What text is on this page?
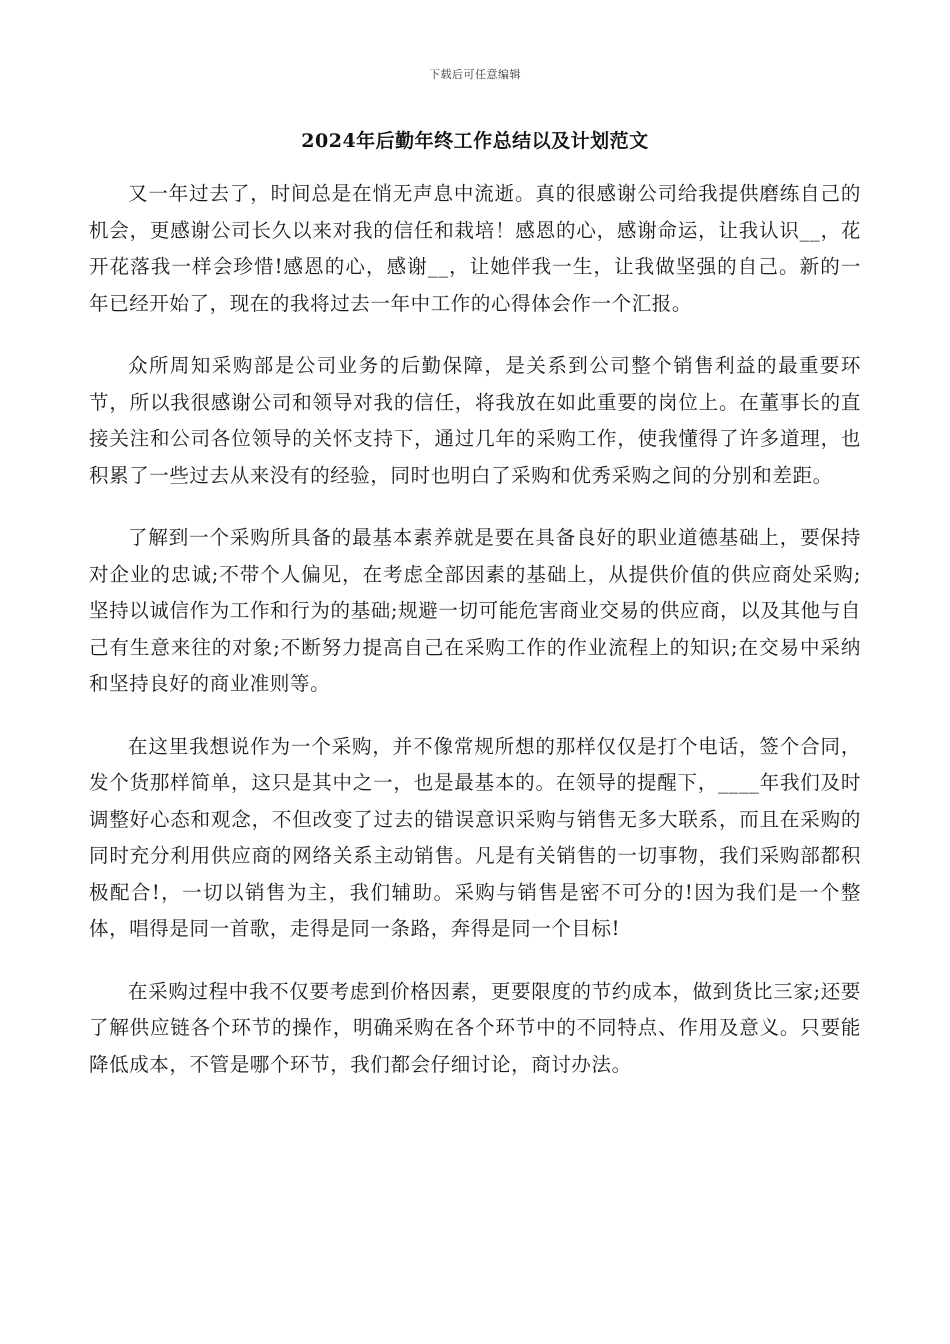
下载后可任意编辑
2024年后勤年终工作总结以及计划范文

又一年过去了，时间总是在悄无声息中流逝。真的很感谢公司给我提供磨练自己的机会，更感谢公司长久以来对我的信任和栽培！感恩的心，感谢命运，让我认识__，花开花落我一样会珍惜!感恩的心，感谢__，让她伴我一生，让我做坚强的自己。新的一年已经开始了，现在的我将过去一年中工作的心得体会作一个汇报。

众所周知采购部是公司业务的后勤保障，是关系到公司整个销售利益的最重要环节，所以我很感谢公司和领导对我的信任，将我放在如此重要的岗位上。在董事长的直接关注和公司各位领导的关怀支持下，通过几年的采购工作，使我懂得了许多道理，也积累了一些过去从来没有的经验，同时也明白了采购和优秀采购之间的分别和差距。

了解到一个采购所具备的最基本素养就是要在具备良好的职业道德基础上，要保持对企业的忠诚;不带个人偏见，在考虑全部因素的基础上，从提供价值的供应商处采购;坚持以诚信作为工作和行为的基础;规避一切可能危害商业交易的供应商，以及其他与自己有生意来往的对象;不断努力提高自己在采购工作的作业流程上的知识;在交易中采纳和坚持良好的商业准则等。

在这里我想说作为一个采购，并不像常规所想的那样仅仅是打个电话，签个合同，发个货那样简单，这只是其中之一，也是最基本的。在领导的提醒下，____年我们及时调整好心态和观念，不但改变了过去的错误意识采购与销售无多大联系，而且在采购的同时充分利用供应商的网络关系主动销售。凡是有关销售的一切事物，我们采购部都积极配合!，一切以销售为主，我们辅助。采购与销售是密不可分的!因为我们是一个整体，唱得是同一首歌，走得是同一条路，奔得是同一个目标!

在采购过程中我不仅要考虑到价格因素，更要限度的节约成本，做到货比三家;还要了解供应链各个环节的操作，明确采购在各个环节中的不同特点、作用及意义。只要能降低成本，不管是哪个环节，我们都会仔细讨论，商讨办法。
